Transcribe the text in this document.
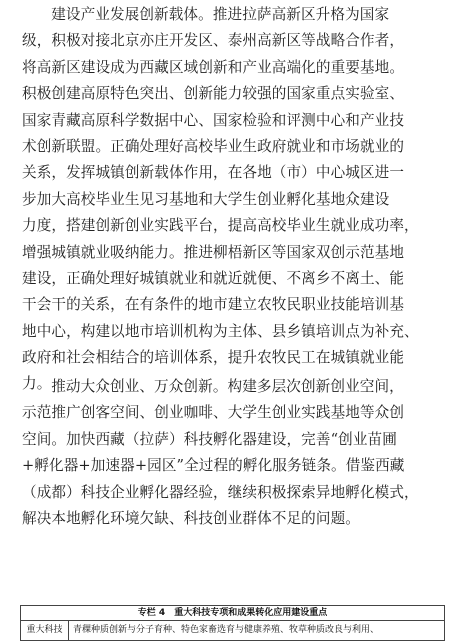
建设产业发展创新载体。推进拉萨高新区升格为国家
级，积极对接北京亦庄开发区、泰州高新区等战略合作者，
将高新区建设成为西藏区域创新和产业高端化的重要基地。
积极创建高原特色突出、创新能力较强的国家重点实验室、
国家青藏高原科学数据中心、国家检验和评测中心和产业技
术创新联盟。正确处理好高校毕业生政府就业和市场就业的
关系，发挥城镇创新载体作用，在各地（市）中心城区进一
步加大高校毕业生见习基地和大学生创业孵化基地众建设
力度，搭建创新创业实践平台，提高高校毕业生就业成功率，
增强城镇就业吸纳能力。推进柳梧新区等国家双创示范基地
建设，正确处理好城镇就业和就近就便、不离乡不离土、能
干会干的关系，在有条件的地市建立农牧民职业技能培训基
地中心，构建以地市培训机构为主体、县乡镇培训点为补充、
政府和社会相结合的培训体系，提升农牧民工在城镇就业能
力。 推动大众创业、万众创新。构建多层次创新创业空间，
示范推广创客空间、创业咖啡、大学生创业实践基地等众创
空间。加快西藏（拉萨）科技孵化器建设，完善“创业苗圃
+孵化器+加速器+园区”全过程的孵化服务链条。借鉴西藏
（成都）科技企业孵化器经验，继续积极探索异地孵化模式，
解决本地孵化环境欠缺、科技创业群体不足的问题。
专栏 4　重大科技专项和成果转化应用建设重点
重大科技	青稞种质创新与分子育种、特色家畜选育与健康养殖、牧草种质改良与利用、
